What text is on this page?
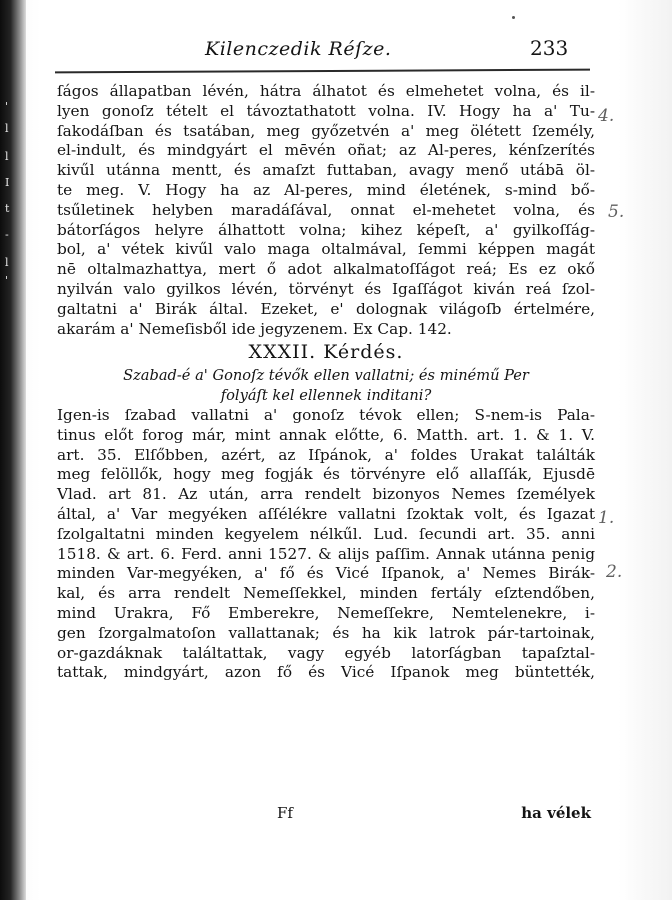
'
l
l
I
t
-
l
'
Kilenczedik Réſze.	233
ſágos állapatban lévén, hátra álhatot és elmehetet volna, és il-
lyen gonoſz tételt el távoztathatott volna. IV. Hogy ha a' Tu-
ſakodáſban és tsatában, meg győzetvén a' meg ölétett ſzemély,
el-indult, és mindgyárt el mēvén oñat; az Al-peres, kénſzerítés
kivűl utánna mentt, és amaſzt futtaban, avagy menő utábā öl-
te meg. V. Hogy ha az Al-peres, mind életének, s-mind bő-
tsűletinek helyben maradáſával, onnat el-mehetet volna, és
bátorſágos helyre álhattott volna; kihez képeſt, a' gyilkoſſág-
bol, a' vétek kivűl valo maga oltalmával, ſemmi képpen magát
nē oltalmazhattya, mert ő adot alkalmatoſſágot reá; Es ez okő
nyilván valo gyilkos lévén, törvényt és Igaſſágot kiván reá ſzol-
galtatni a' Birák által. Ezeket, e' dolognak világoſb értelmére,
akarám a' Nemeſisből ide jegyzenem. Ex Cap. 142.
XXXII. Kérdés.
Szabad-é a' Gonoſz tévők ellen vallatni; és minémű Per
folyáſt kel ellennek inditani?
Igen-is ſzabad vallatni a' gonoſz tévok ellen; S-nem-is Pala-
tinus előt forog már, mint annak előtte, 6. Matth. art. 1. & 1. V.
art. 35. Elſőbben, azért, az Iſpánok, a' foldes Urakat találták
meg felöllők, hogy meg fogják és törvényre elő allaſſák, Ejusdē
Vlad. art 81. Az után, arra rendelt bizonyos Nemes ſzemélyek
által, a' Var megyéken aſſélékre vallatni ſzoktak volt, és Igazat
ſzolgaltatni minden kegyelem nélkűl. Lud. ſecundi art. 35. anni
1518. & art. 6. Ferd. anni 1527. & alijs paſſim. Annak utánna penig
minden Var-megyéken, a' fő és Vicé Iſpanok, a' Nemes Birák-
kal, és arra rendelt Nemeſſekkel, minden fertály eſztendőben,
mind Urakra, Fő Emberekre, Nemeſſekre, Nemtelenekre, i-
gen ſzorgalmatoſon vallattanak; és ha kik latrok pár-tartoinak,
or-gazdáknak találtattak, vagy egyéb latorſágban tapaſztal-
tattak, mindgyárt, azon fő és Vicé Iſpanok meg büntették,
4.
5.
1.
2.
Ff	ha vélek
